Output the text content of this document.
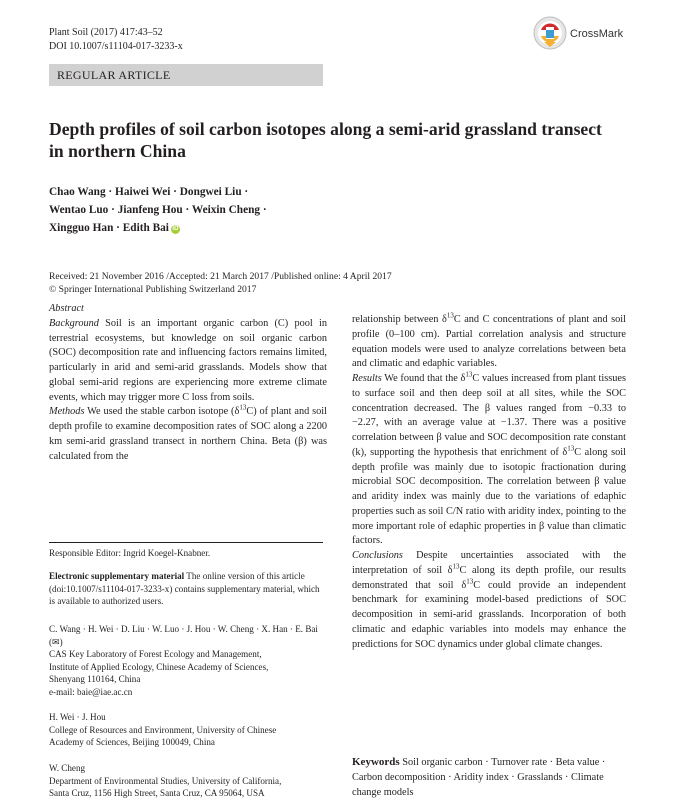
Plant Soil (2017) 417:43–52
DOI 10.1007/s11104-017-3233-x
CrossMark
REGULAR ARTICLE
Depth profiles of soil carbon isotopes along a semi-arid grassland transect in northern China
Chao Wang · Haiwei Wei · Dongwei Liu ·
Wentao Luo · Jianfeng Hou · Weixin Cheng ·
Xingguo Han · Edith Bai iD
Received: 21 November 2016 /Accepted: 21 March 2017 /Published online: 4 April 2017
© Springer International Publishing Switzerland 2017

Abstract

Background Soil is an important organic carbon (C) pool in terrestrial ecosystems, but knowledge on soil organic carbon (SOC) decomposition rate and influencing factors remains limited, particularly in arid and semi-arid grasslands. Models show that global semi-arid regions are experiencing more extreme climate events, which may trigger more C loss from soils.

Methods We used the stable carbon isotope $(\delta^{13}C)$ of plant and soil depth profile to examine decomposition rates of SOC along a 2200 km semi-arid grassland transect in northern China. Beta (β) was calculated from the

Responsible Editor: Ingrid Koegel-Knabner.

Electronic supplementary material The online version of this article (doi:10.1007/s11104-017-3233-x) contains supplementary material, which is available to authorized users.

C. Wang · H. Wei · D. Liu · W. Luo · J. Hou · W. Cheng · X. Han · E. Bai (✉)

CAS Key Laboratory of Forest Ecology and Management,

Institute of Applied Ecology, Chinese Academy of Sciences,

Shenyang 110164, China

e-mail: baie@iae.ac.cn

H. Wei · J. Hou

College of Resources and Environment, University of Chinese

Academy of Sciences, Beijing 100049, China

W. Cheng

Department of Environmental Studies, University of California,

Santa Cruz, 1156 High Street, Santa Cruz, CA 95064, USA

relationship between $\delta^{13}C$ and C concentrations of plant and soil profile (0–100 cm). Partial correlation analysis and structure equation models were used to analyze correlations between beta and climatic and edaphic variables.

Results We found that the $\delta^{13}C$ values increased from plant tissues to surface soil and then deep soil at all sites, while the SOC concentration decreased. The β values ranged from −0.33 to −2.27, with an average value at −1.37. There was a positive correlation between β value and SOC decomposition rate constant (k), supporting the hypothesis that enrichment of $\delta^{13}C$ along soil depth profile was mainly due to isotopic fractionation during microbial SOC decomposition. The correlation between β value and aridity index was mainly due to the variations of edaphic properties such as soil C/N ratio with aridity index, pointing to the more important role of edaphic properties in β value than climatic factors.

Conclusions Despite uncertainties associated with the interpretation of soil $\delta^{13}C$ along its depth profile, our results demonstrated that soil $\delta^{13}C$ could provide an independent benchmark for examining model-based predictions of SOC decomposition in semi-arid grasslands. Incorporation of both climatic and edaphic variables into models may enhance the predictions for SOC dynamics under global climate changes.

Keywords Soil organic carbon · Turnover rate · Beta value · Carbon decomposition · Aridity index · Grasslands · Climate change models
